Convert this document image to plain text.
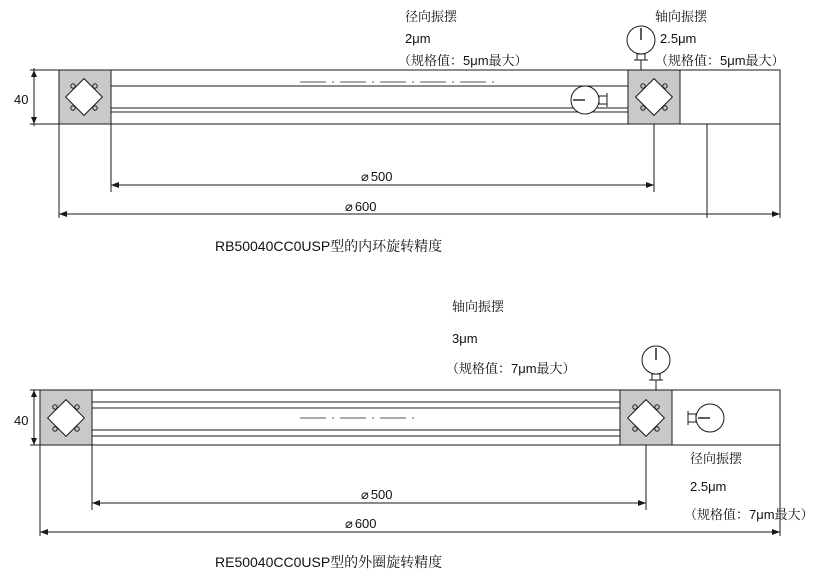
径向振摆
2μm
（规格值：5μm最大）
轴向振摆
2.5μm
（规格值：5μm最大）
40
⌀ 500
⌀ 600
RB50040CC0USP型的内环旋转精度
轴向振摆
3μm
（规格值：7μm最大）
径向振摆
2.5μm
（规格值：7μm最大）
40
⌀ 500
⌀ 600
RE50040CC0USP型的外圈旋转精度
